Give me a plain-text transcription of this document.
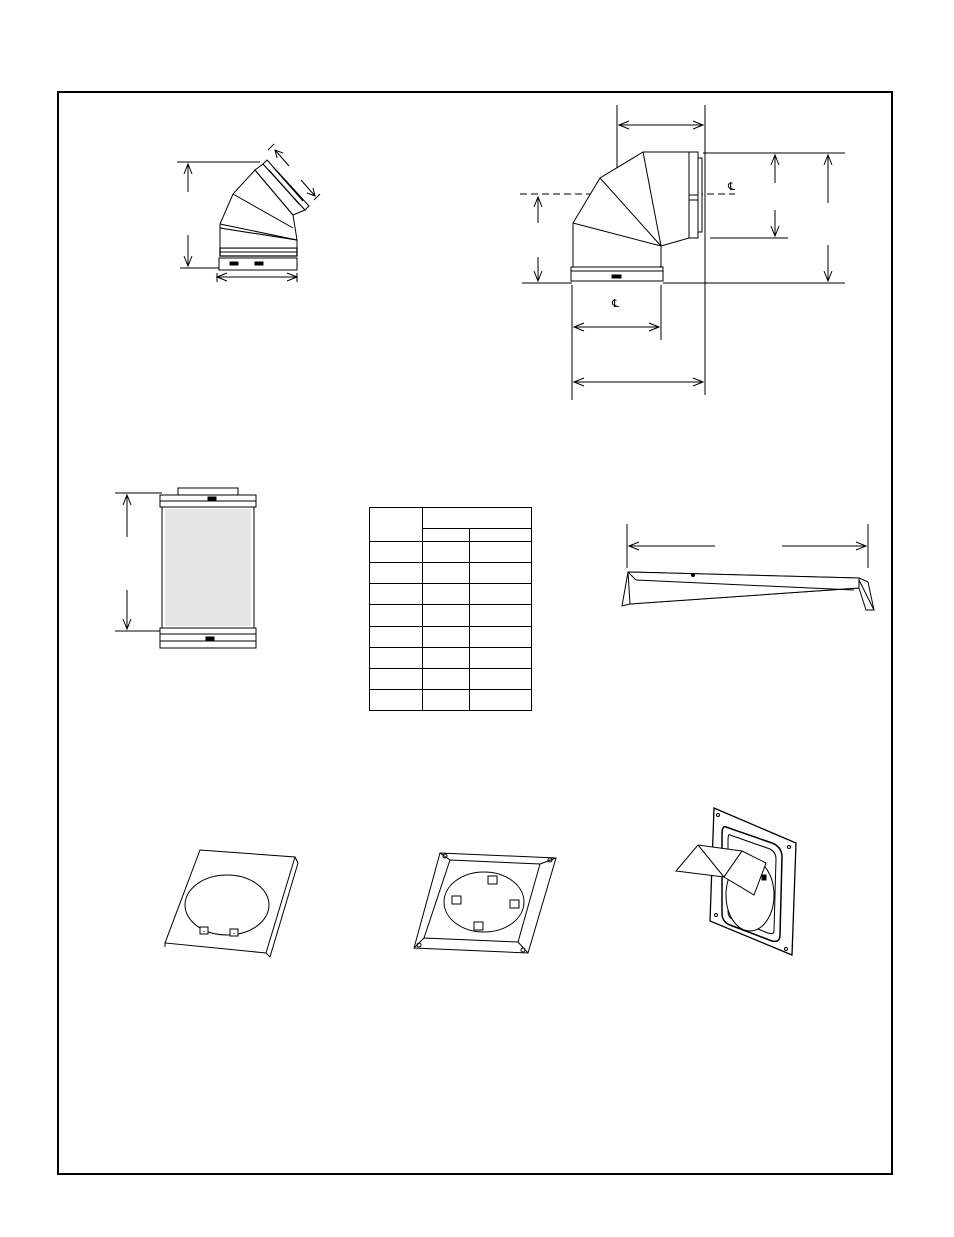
℄
℄
